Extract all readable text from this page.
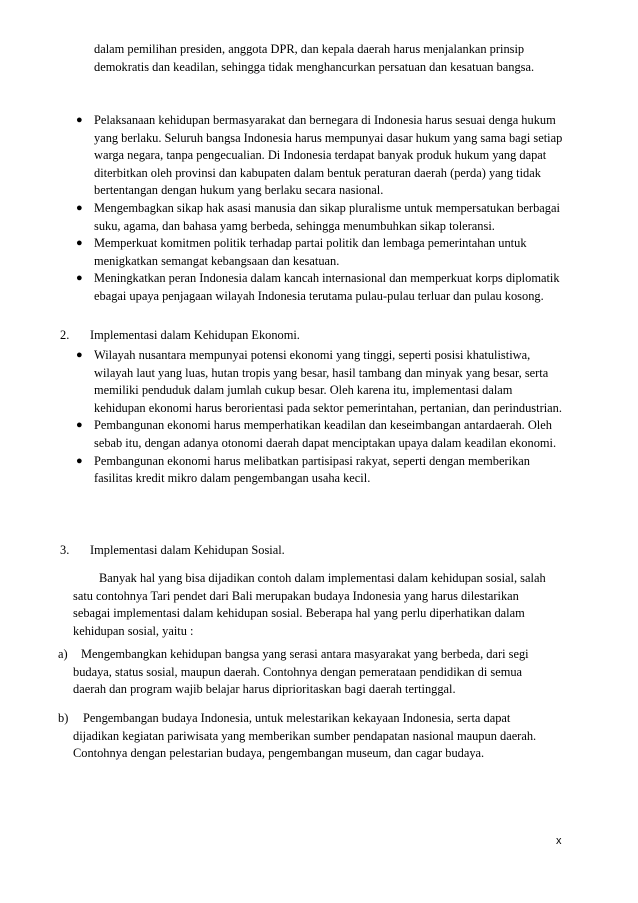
dalam pemilihan presiden, anggota DPR, dan kepala daerah harus menjalankan prinsip demokratis dan keadilan, sehingga tidak menghancurkan persatuan dan kesatuan bangsa.
● Pelaksanaan kehidupan bermasyarakat dan bernegara di Indonesia harus sesuai denga hukum yang berlaku. Seluruh bangsa Indonesia harus mempunyai dasar hukum yang sama bagi setiap warga negara, tanpa pengecualian. Di Indonesia terdapat banyak produk hukum yang dapat diterbitkan oleh provinsi dan kabupaten dalam bentuk peraturan daerah (perda) yang tidak bertentangan dengan hukum yang berlaku secara nasional.
● Mengembagkan sikap hak asasi manusia dan sikap pluralisme untuk mempersatukan berbagai suku, agama, dan bahasa yamg berbeda, sehingga menumbuhkan sikap toleransi.
● Memperkuat komitmen politik terhadap partai politik dan lembaga pemerintahan untuk menigkatkan semangat kebangsaan dan kesatuan.
● Meningkatkan peran Indonesia dalam kancah internasional dan memperkuat korps diplomatik ebagai upaya penjagaan wilayah Indonesia terutama pulau-pulau terluar dan pulau kosong.
2. Implementasi dalam Kehidupan Ekonomi.
● Wilayah nusantara mempunyai potensi ekonomi yang tinggi, seperti posisi khatulistiwa, wilayah laut yang luas, hutan tropis yang besar, hasil tambang dan minyak yang besar, serta memiliki penduduk dalam jumlah cukup besar. Oleh karena itu, implementasi dalam kehidupan ekonomi harus berorientasi pada sektor pemerintahan, pertanian, dan perindustrian.
● Pembangunan ekonomi harus memperhatikan keadilan dan keseimbangan antardaerah. Oleh sebab itu, dengan adanya otonomi daerah dapat menciptakan upaya dalam keadilan ekonomi.
● Pembangunan ekonomi harus melibatkan partisipasi rakyat, seperti dengan memberikan fasilitas kredit mikro dalam pengembangan usaha kecil.
3. Implementasi dalam Kehidupan Sosial.
Banyak hal yang bisa dijadikan contoh dalam implementasi dalam kehidupan sosial, salah satu contohnya Tari pendet dari Bali merupakan budaya Indonesia yang harus dilestarikan sebagai implementasi dalam kehidupan sosial. Beberapa hal yang perlu diperhatikan dalam kehidupan sosial, yaitu :
a) Mengembangkan kehidupan bangsa yang serasi antara masyarakat yang berbeda, dari segi budaya, status sosial, maupun daerah. Contohnya dengan pemerataan pendidikan di semua daerah dan program wajib belajar harus diprioritaskan bagi daerah tertinggal.
b) Pengembangan budaya Indonesia, untuk melestarikan kekayaan Indonesia, serta dapat dijadikan kegiatan pariwisata yang memberikan sumber pendapatan nasional maupun daerah. Contohnya dengan pelestarian budaya, pengembangan museum, dan cagar budaya.
x
